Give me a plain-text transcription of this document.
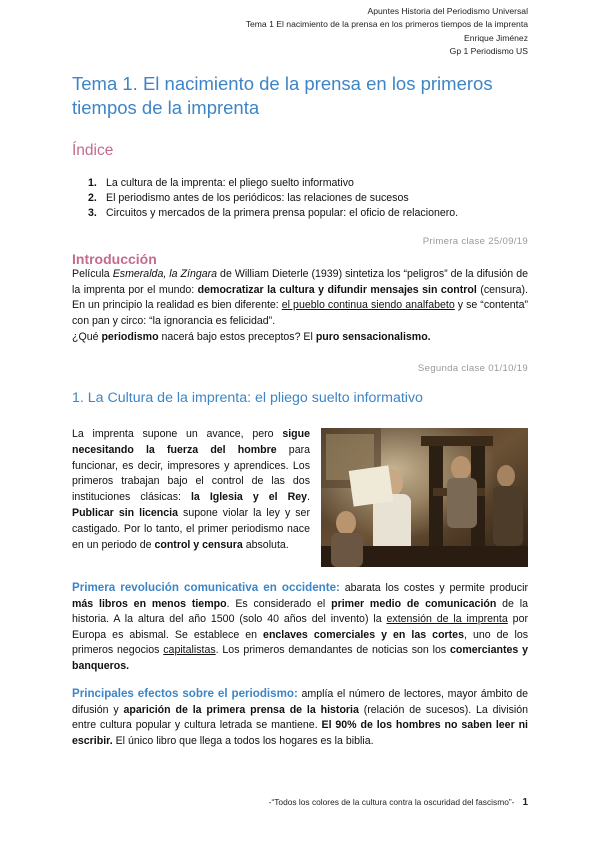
Apuntes Historia del Periodismo Universal
Tema 1 El nacimiento de la prensa en los primeros tiempos de la imprenta
Enrique Jiménez
Gp 1 Periodismo US
Tema 1. El nacimiento de la prensa en los primeros tiempos de la imprenta
Índice
1. La cultura de la imprenta: el pliego suelto informativo
2. El periodismo antes de los periódicos: las relaciones de sucesos
3. Circuitos y mercados de la primera prensa popular: el oficio de relacionero.
Primera clase 25/09/19
Introducción

Película Esmeralda, la Zíngara de William Dieterle (1939) sintetiza los “peligros” de la difusión de la imprenta por el mundo: democratizar la cultura y difundir mensajes sin control (censura). En un principio la realidad es bien diferente: el pueblo continua siendo analfabeto y se “contenta” con pan y circo: “la ignorancia es felicidad”.

¿Qué periodismo nacerá bajo estos preceptos? El puro sensacionalismo.

Segunda clase 01/10/19
1. La Cultura de la imprenta: el pliego suelto informativo

La imprenta supone un avance, pero sigue necesitando la fuerza del hombre para funcionar, es decir, impresores y aprendices. Los primeros trabajan bajo el control de las dos instituciones clásicas: la Iglesia y el Rey. Publicar sin licencia supone violar la ley y ser castigado. Por lo tanto, el primer periodismo nace en un periodo de control y censura absoluta.

Primera revolución comunicativa en occidente: abarata los costes y permite producir más libros en menos tiempo. Es considerado el primer medio de comunicación de la historia. A la altura del año 1500 (solo 40 años del invento) la extensión de la imprenta por Europa es abismal. Se establece en enclaves comerciales y en las cortes, uno de los primeros negocios capitalistas. Los primeros demandantes de noticias son los comerciantes y banqueros.

Principales efectos sobre el periodismo: amplía el número de lectores, mayor ámbito de difusión y aparición de la primera prensa de la historia (relación de sucesos). La división entre cultura popular y cultura letrada se mantiene. El 90% de los hombres no saben leer ni escribir. El único libro que llega a todos los hogares es la biblia.

-“Todos los colores de la cultura contra la oscuridad del fascismo”- 1
